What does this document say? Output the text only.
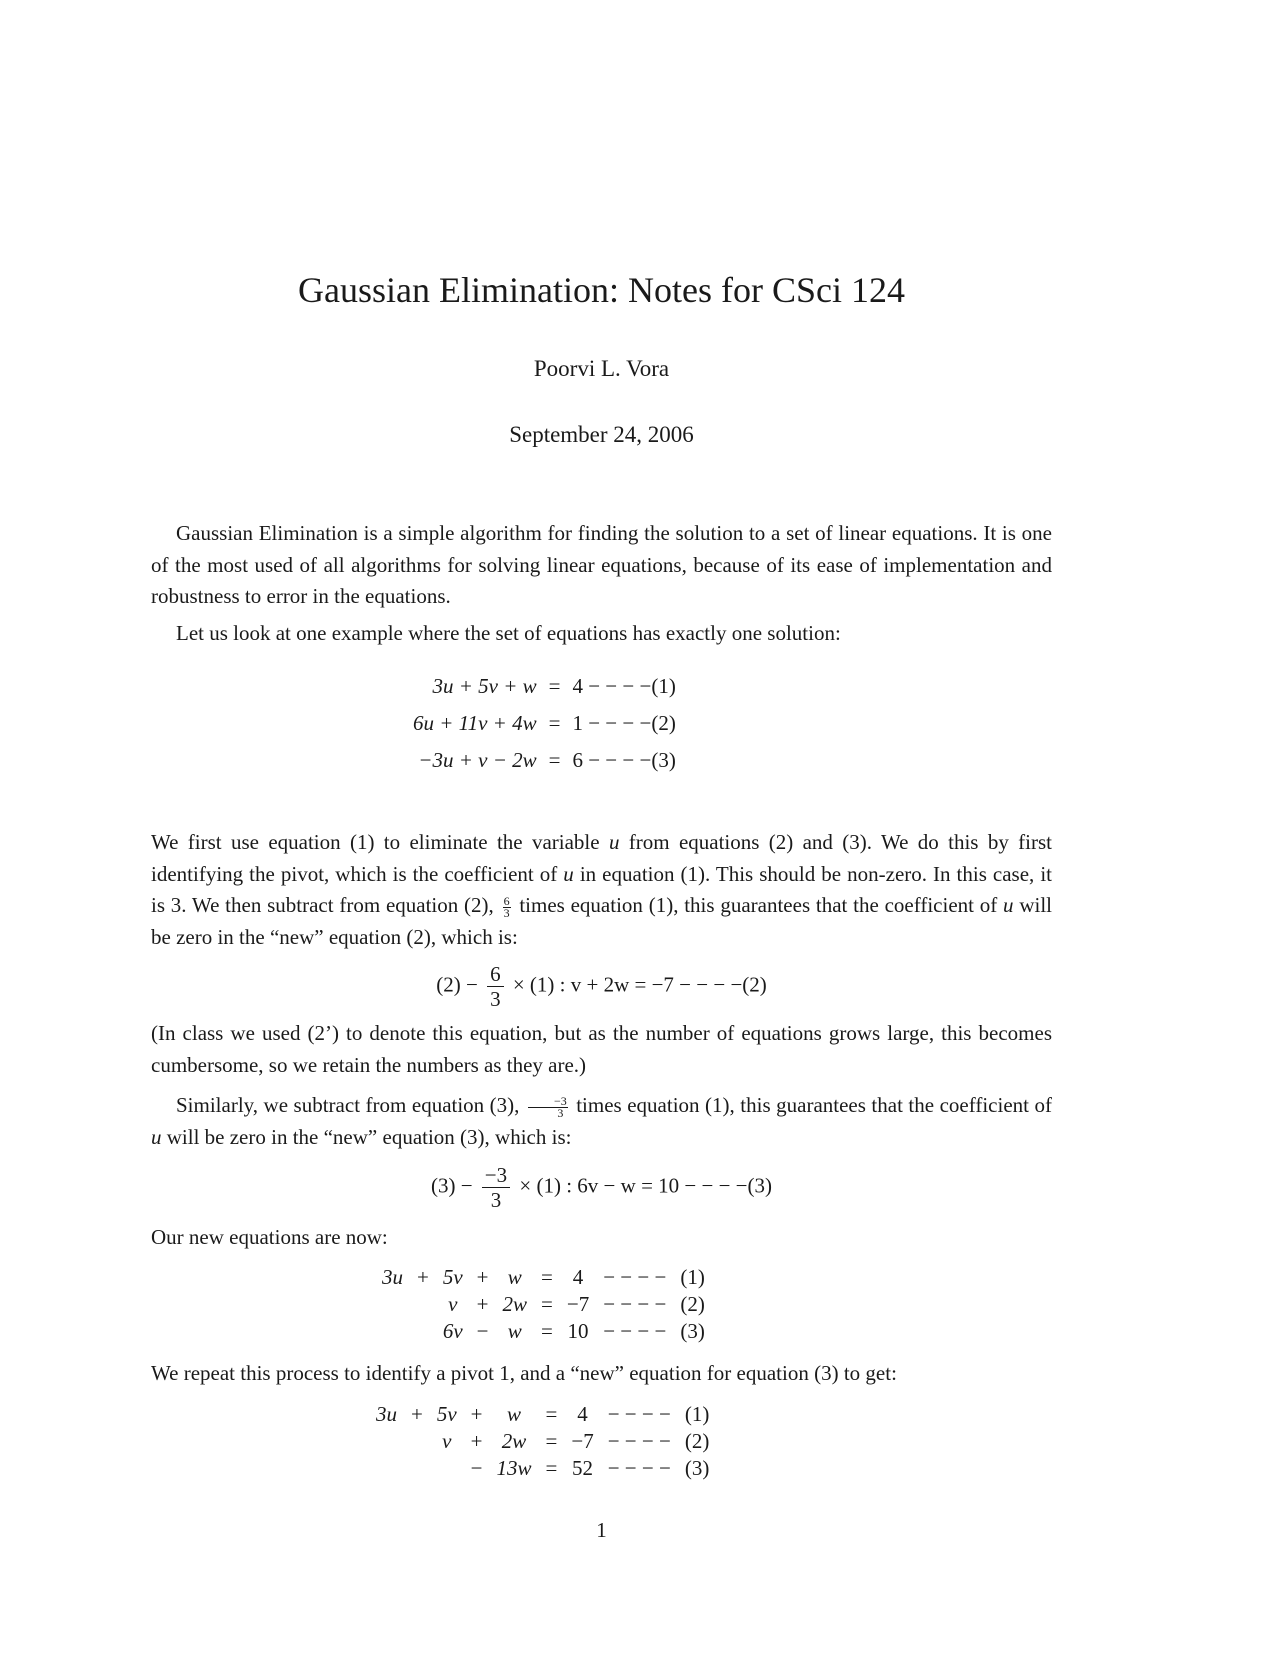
Gaussian Elimination: Notes for CSci 124
Poorvi L. Vora
September 24, 2006
Gaussian Elimination is a simple algorithm for finding the solution to a set of linear equations. It is one of the most used of all algorithms for solving linear equations, because of its ease of implementation and robustness to error in the equations.
Let us look at one example where the set of equations has exactly one solution:
3u + 5v + w	=	4 − − − −(1)
6u + 11v + 4w	=	1 − − − −(2)
−3u + v − 2w	=	6 − − − −(3)
We first use equation (1) to eliminate the variable u from equations (2) and (3). We do this by first identifying the pivot, which is the coefficient of u in equation (1). This should be non-zero. In this case, it is 3. We then subtract from equation (2), $\frac{6}{3}$ times equation (1), this guarantees that the coefficient of u will be zero in the “new” equation (2), which is:
$(2) - \frac{6}{3} \times (1)$ : v + 2w = −7 − − − −(2)
(In class we used (2’) to denote this equation, but as the number of equations grows large, this becomes cumbersome, so we retain the numbers as they are.)
Similarly, we subtract from equation (3), $\frac{-3}{3}$ times equation (1), this guarantees that the coefficient of u will be zero in the “new” equation (3), which is:
$(3) - \frac{-3}{3} \times (1)$ : 6v − w = 10 − − − −(3)
Our new equations are now:
3u	+	5v	+	w	=	4	− − − −	(1)
		v	+	2w	=	−7	− − − −	(2)
		6v	−	w	=	10	− − − −	(3)
We repeat this process to identify a pivot 1, and a “new” equation for equation (3) to get:
3u	+	5v	+	w	=	4	− − − −	(1)
		v	+	2w	=	−7	− − − −	(2)
			−	13w	=	52	− − − −	(3)
1
